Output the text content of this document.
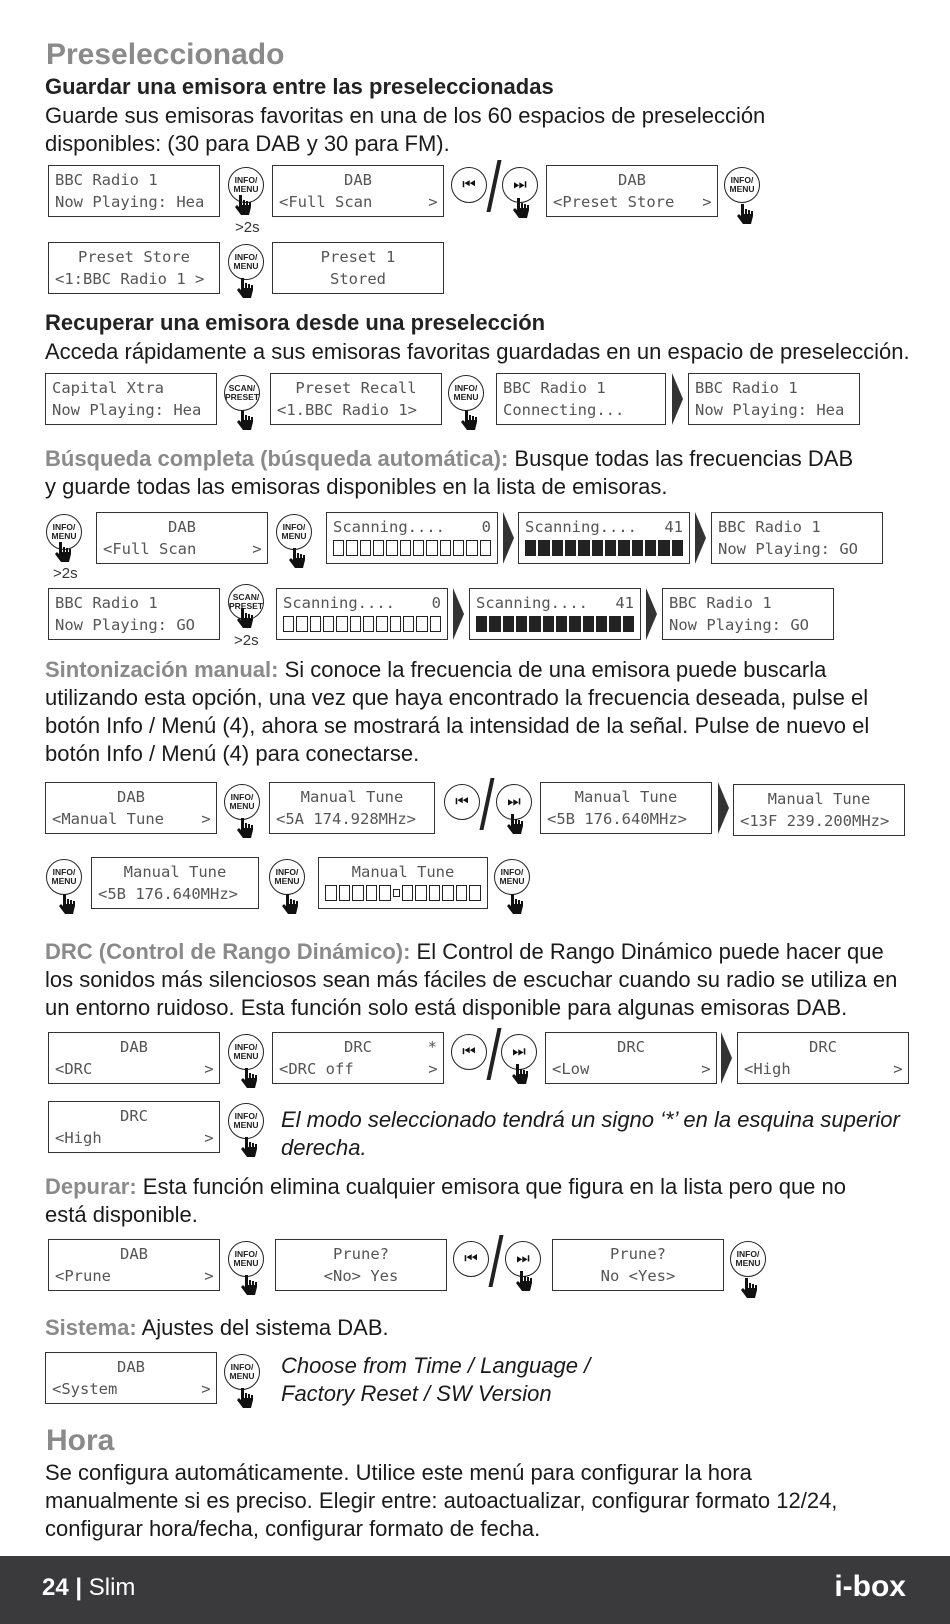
Preseleccionado
Guardar una emisora entre las preseleccionadas
Guarde sus emisoras favoritas en una de los 60 espacios de preselección
disponibles: (30 para DAB y 30 para FM).
BBC Radio 1
Now Playing: Hea
INFO/ MENU
>2s
DAB
<Full Scan      >
⏮	⏭	DAB
<Preset Store   >
INFO/ MENU
Preset Store
<1:BBC Radio 1 >
INFO/ MENU	Preset 1
Stored
Recuperar una emisora desde una preselección
Acceda rápidamente a sus emisoras favoritas guardadas en un espacio de preselección.
Capital Xtra
Now Playing: Hea
SCAN/ PRESET	Preset Recall
<1.BBC Radio 1>
INFO/ MENU	BBC Radio 1
Connecting...
BBC Radio 1
Now Playing: Hea
Búsqueda completa (búsqueda automática): Busque todas las frecuencias DAB
y guarde todas las emisoras disponibles en la lista de emisoras.
INFO/ MENU
>2s
DAB
<Full Scan      >
INFO/ MENU	Scanning....	0 Scanning....	41 BBC Radio 1
Now Playing: GO
BBC Radio 1
Now Playing: GO
SCAN/ PRESET
>2s
Scanning....	0 Scanning....	41 BBC Radio 1
Now Playing: GO
Sintonización manual: Si conoce la frecuencia de una emisora puede buscarla
utilizando esta opción, una vez que haya encontrado la frecuencia deseada, pulse el
botón Info / Menú (4), ahora se mostrará la intensidad de la señal. Pulse de nuevo el
botón Info / Menú (4) para conectarse.
DAB
<Manual Tune    >
INFO/ MENU	Manual Tune
<5A 174.928MHz>
⏮	⏭	Manual Tune
<5B 176.640MHz>
Manual Tune
<13F 239.200MHz>
INFO/ MENU	Manual Tune
<5B 176.640MHz>
INFO/ MENU	Manual Tune	INFO/ MENU
DRC (Control de Rango Dinámico): El Control de Rango Dinámico puede hacer que
los sonidos más silenciosos sean más fáciles de escuchar cuando su radio se utiliza en
un entorno ruidoso. Esta función solo está disponible para algunas emisoras DAB.
DAB
<DRC            >
INFO/ MENU	DRC	*
<DRC off        >
⏮	⏭	DRC
<Low            >
DRC
<High           >
DRC
<High           >
INFO/ MENU El modo seleccionado tendrá un signo ‘*’ en la esquina superior
derecha.
Depurar: Esta función elimina cualquier emisora que figura en la lista pero que no
está disponible.
DAB
<Prune          >
INFO/ MENU	Prune?
<No> Yes
⏮	⏭	Prune?
No <Yes>
INFO/ MENU
Sistema: Ajustes del sistema DAB.
DAB
<System         >
INFO/ MENU Choose from Time / Language /
Factory Reset / SW Version
Hora
Se configura automáticamente. Utilice este menú para configurar la hora
manualmente si es preciso. Elegir entre: autoactualizar, configurar formato 12/24,
configurar hora/fecha, configurar formato de fecha.
24 | Slim	i-box
